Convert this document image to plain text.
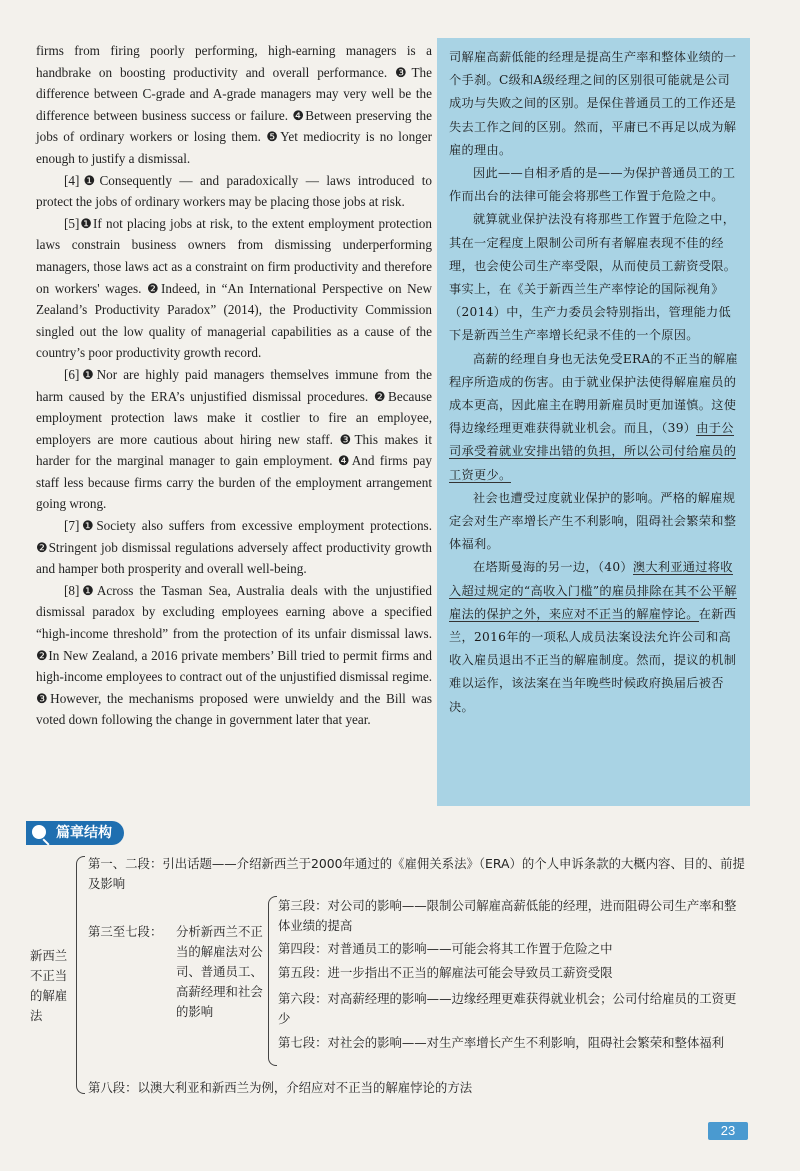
firms from firing poorly performing, high-earning managers is a handbrake on boosting productivity and overall performance. ❸The difference between C-grade and A-grade managers may very well be the difference between business success or failure. ❹Between preserving the jobs of ordinary workers or losing them. ❺Yet mediocrity is no longer enough to justify a dismissal.

[4]❶Consequently — and paradoxically — laws introduced to protect the jobs of ordinary workers may be placing those jobs at risk.

[5]❶If not placing jobs at risk, to the extent employment protection laws constrain business owners from dismissing underperforming managers, those laws act as a constraint on firm productivity and therefore on workers' wages. ❷Indeed, in “An International Perspective on New Zealand’s Productivity Paradox” (2014), the Productivity Commission singled out the low quality of managerial capabilities as a cause of the country’s poor productivity growth record.

[6]❶Nor are highly paid managers themselves immune from the harm caused by the ERA’s unjustified dismissal procedures. ❷Because employment protection laws make it costlier to fire an employee, employers are more cautious about hiring new staff. ❸This makes it harder for the marginal manager to gain employment. ❹And firms pay staff less because firms carry the burden of the employment arrangement going wrong.

[7]❶Society also suffers from excessive employment protections. ❷Stringent job dismissal regulations adversely affect productivity growth and hamper both prosperity and overall well-being.

[8]❶Across the Tasman Sea, Australia deals with the unjustified dismissal paradox by excluding employees earning above a specified “high-income threshold” from the protection of its unfair dismissal laws. ❷In New Zealand, a 2016 private members’ Bill tried to permit firms and high-income employees to contract out of the unjustified dismissal regime. ❸However, the mechanisms proposed were unwieldy and the Bill was voted down following the change in government later that year.

司解雇高薪低能的经理是提高生产率和整体业绩的一个手刹。C级和A级经理之间的区别很可能就是公司成功与失败之间的区别。是保住普通员工的工作还是失去工作之间的区别。然而，平庸已不再足以成为解雇的理由。

因此——自相矛盾的是——为保护普通员工的工作而出台的法律可能会将那些工作置于危险之中。

就算就业保护法没有将那些工作置于危险之中，其在一定程度上限制公司所有者解雇表现不佳的经理，也会使公司生产率受限，从而使员工薪资受限。事实上，在《关于新西兰生产率悖论的国际视角》（2014）中，生产力委员会特别指出，管理能力低下是新西兰生产率增长纪录不佳的一个原因。

高薪的经理自身也无法免受ERA的不正当的解雇程序所造成的伤害。由于就业保护法使得解雇雇员的成本更高，因此雇主在聘用新雇员时更加谨慎。这使得边缘经理更难获得就业机会。而且，（39）由于公司承受着就业安排出错的负担，所以公司付给雇员的工资更少。

社会也遭受过度就业保护的影响。严格的解雇规定会对生产率增长产生不利影响，阻碍社会繁荣和整体福利。

在塔斯曼海的另一边，（40）澳大利亚通过将收入超过规定的“高收入门槛”的雇员排除在其不公平解雇法的保护之外，来应对不正当的解雇悖论。在新西兰，2016年的一项私人成员法案设法允许公司和高收入雇员退出不正当的解雇制度。然而，提议的机制难以运作，该法案在当年晚些时候政府换届后被否决。

篇章结构
新西兰
不正当
的解雇
法
第一、二段：引出话题——介绍新西兰于2000年通过的《雇佣关系法》（ERA）的个人申诉条款的大概内容、目的、前提及影响
第三至七段：	分析新西兰不正当的解雇法对公司、普通员工、高薪经理和社会的影响
第三段：对公司的影响——限制公司解雇高薪低能的经理，进而阻碍公司生产率和整体业绩的提高
第四段：对普通员工的影响——可能会将其工作置于危险之中
第五段：进一步指出不正当的解雇法可能会导致员工薪资受限
第六段：对高薪经理的影响——边缘经理更难获得就业机会；公司付给雇员的工资更少
第七段：对社会的影响——对生产率增长产生不利影响，阻碍社会繁荣和整体福利
第八段：以澳大利亚和新西兰为例，介绍应对不正当的解雇悖论的方法
23
